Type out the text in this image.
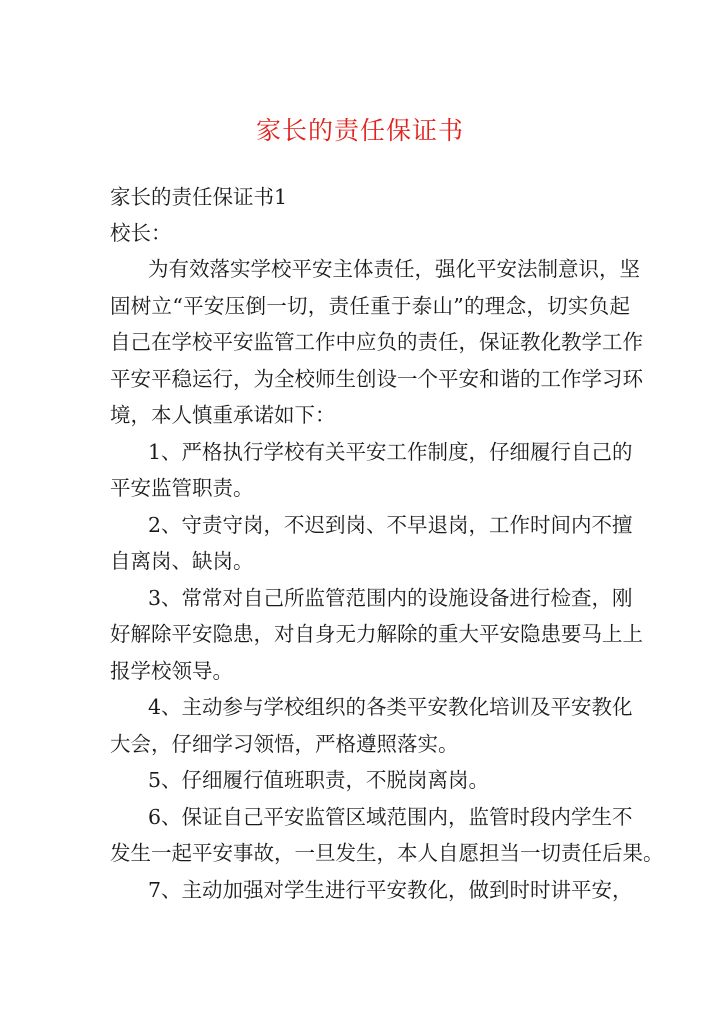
家长的责任保证书
家长的责任保证书1
校长：
为有效落实学校平安主体责任，强化平安法制意识，坚
固树立“平安压倒一切，责任重于泰山”的理念，切实负起
自己在学校平安监管工作中应负的责任，保证教化教学工作
平安平稳运行，为全校师生创设一个平安和谐的工作学习环
境，本人慎重承诺如下：
1、严格执行学校有关平安工作制度，仔细履行自己的
平安监管职责。
2、守责守岗，不迟到岗、不早退岗，工作时间内不擅
自离岗、缺岗。
3、常常对自己所监管范围内的设施设备进行检查，刚
好解除平安隐患，对自身无力解除的重大平安隐患要马上上
报学校领导。
4、主动参与学校组织的各类平安教化培训及平安教化
大会，仔细学习领悟，严格遵照落实。
5、仔细履行值班职责，不脱岗离岗。
6、保证自己平安监管区域范围内，监管时段内学生不
发生一起平安事故，一旦发生，本人自愿担当一切责任后果。
7、主动加强对学生进行平安教化，做到时时讲平安，
